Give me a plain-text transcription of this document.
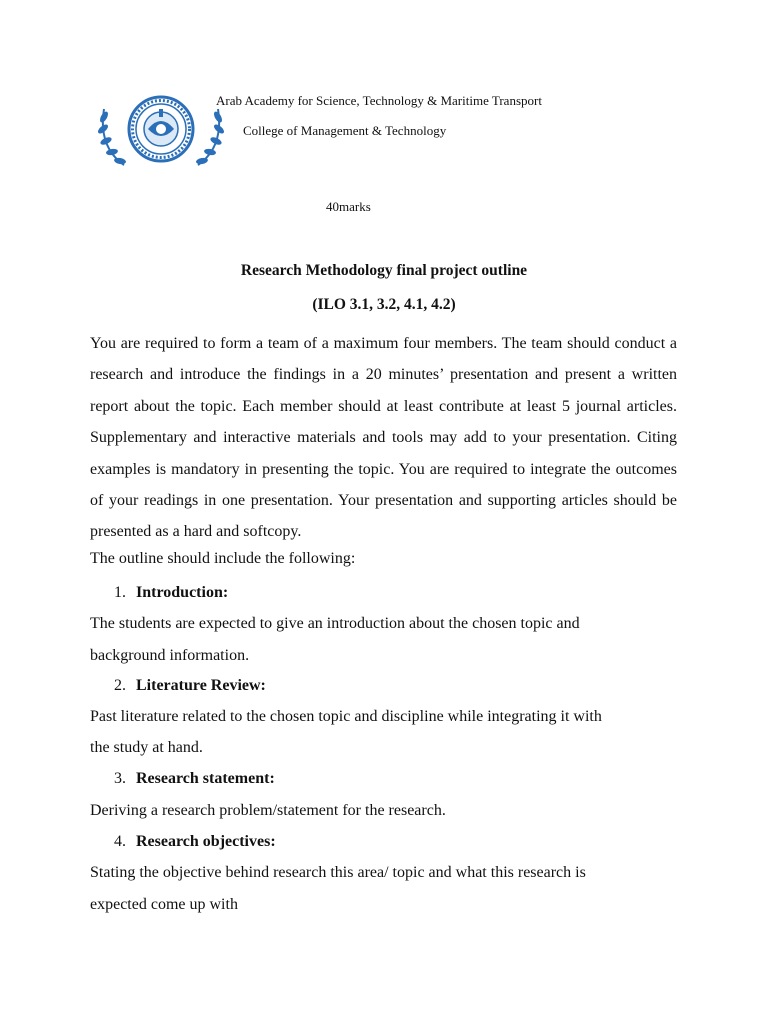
Arab Academy for Science, Technology & Maritime Transport
College of Management & Technology
40marks
Research Methodology final project outline
(ILO 3.1, 3.2, 4.1, 4.2)
You are required to form a team of a maximum four members. The team should conduct a research and introduce the findings in a 20 minutes’ presentation and present a written report about the topic. Each member should at least contribute at least 5 journal articles. Supplementary and interactive materials and tools may add to your presentation. Citing examples is mandatory in presenting the topic. You are required to integrate the outcomes of your readings in one presentation. Your presentation and supporting articles should be presented as a hard and softcopy.
The outline should include the following:
1. Introduction:
The students are expected to give an introduction about the chosen topic and
background information.
2. Literature Review:
Past literature related to the chosen topic and discipline while integrating it with
the study at hand.
3. Research statement:
Deriving a research problem/statement for the research.
4. Research objectives:
Stating the objective behind research this area/ topic and what this research is
expected come up with
